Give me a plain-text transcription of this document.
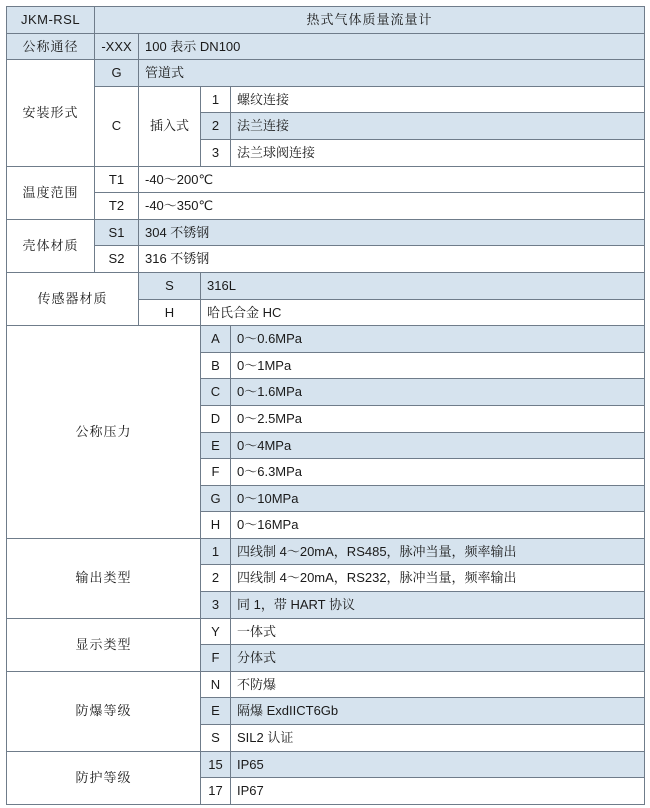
JKM-RSL	热式气体质量流量计			
公称通径	-XXX	100 表示 DN100		
安装形式	G	管道式		
	C	插入式	1	螺纹连接
			2	法兰连接
			3	法兰球阀连接
温度范围	T1	-40～200℃		
	T2	-40～350℃		
壳体材质	S1	304 不锈钢		
	S2	316 不锈钢		
传感器材质		S	316L	
		H	哈氏合金 HC	
公称压力			A	0～0.6MPa
			B	0～1MPa
			C	0～1.6MPa
			D	0～2.5MPa
			E	0～4MPa
			F	0～6.3MPa
			G	0～10MPa
			H	0～16MPa
输出类型			1	四线制 4～20mA，RS485，脉冲当量，频率输出
			2	四线制 4～20mA，RS232，脉冲当量，频率输出
			3	同 1，带 HART 协议
显示类型			Y	一体式
			F	分体式
防爆等级			N	不防爆
			E	隔爆 ExdIICT6Gb
			S	SIL2 认证
防护等级			15	IP65
			17	IP67
